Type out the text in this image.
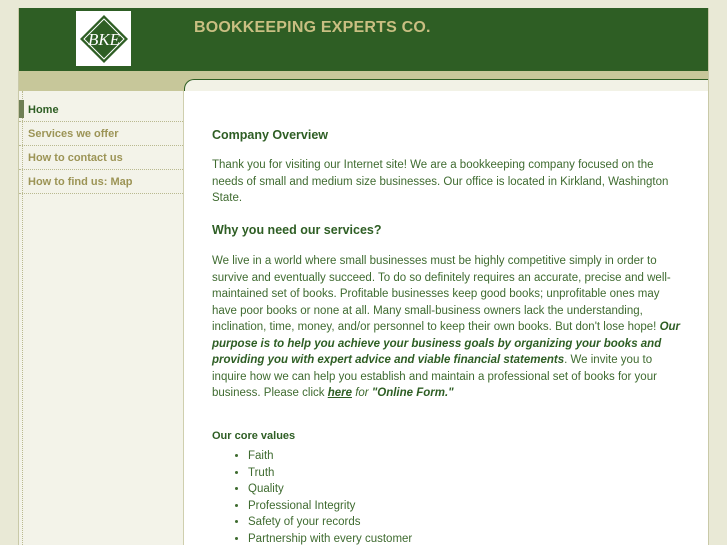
BKE
BOOKKEEPING EXPERTS CO.
Home
Services we offer
How to contact us
How to find us: Map
Company Overview

Thank you for visiting our Internet site! We are a bookkeeping company focused on the needs of small and medium size businesses. Our office is located in Kirkland, Washington State.

Why you need our services?

We live in a world where small businesses must be highly competitive simply in order to survive and eventually succeed. To do so definitely requires an accurate, precise and well-maintained set of books. Profitable businesses keep good books; unprofitable ones may have poor books or none at all. Many small-business owners lack the understanding, inclination, time, money, and/or personnel to keep their own books. But don't lose hope! Our purpose is to help you achieve your business goals by organizing your books and providing you with expert advice and viable financial statements. We invite you to inquire how we can help you establish and maintain a professional set of books for your business. Please click here for "Online Form."

Our core values
• Faith
• Truth
• Quality
• Professional Integrity
• Safety of your records
• Partnership with every customer
